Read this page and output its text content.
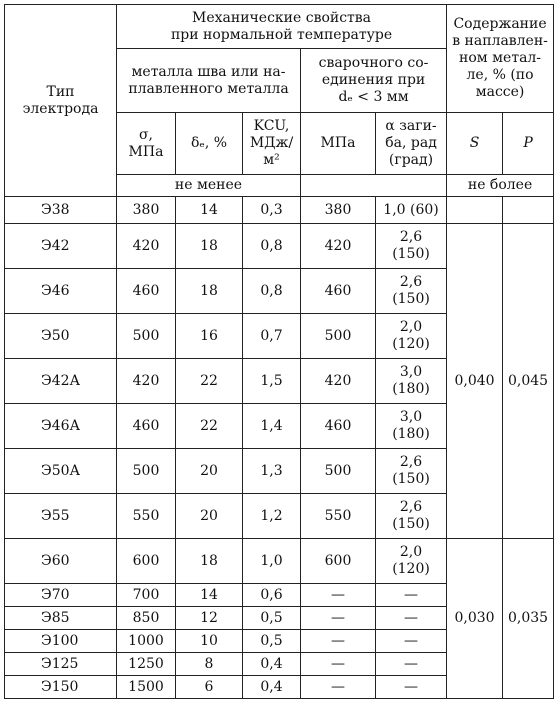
Тип
электрода	Механические свойства
при нормальной температуре					Содержание
в наплавлен-
ном метал-
ле, % (по
массе)	
	металла шва или на-
плавленного металла			сварочного со-
единения при
dₑ < 3 мм			
	σ,
МПа	δₑ, %	KCU,
МДж/
м²	МПа	α заги-
ба, рад
(град)	S	P
	не менее					не более	
Э38	380	14	0,3	380	1,0 (60)		
Э42	420	18	0,8	420	2,6
(150)	0,040	0,045
Э46	460	18	0,8	460	2,6
(150)		
Э50	500	16	0,7	500	2,0
(120)		
Э42А	420	22	1,5	420	3,0
(180)		
Э46А	460	22	1,4	460	3,0
(180)		
Э50А	500	20	1,3	500	2,6
(150)		
Э55	550	20	1,2	550	2,6
(150)		
Э60	600	18	1,0	600	2,0
(120)	0,030	0,035
Э70	700	14	0,6	—	—		
Э85	850	12	0,5	—	—		
Э100	1000	10	0,5	—	—		
Э125	1250	8	0,4	—	—		
Э150	1500	6	0,4	—	—		
